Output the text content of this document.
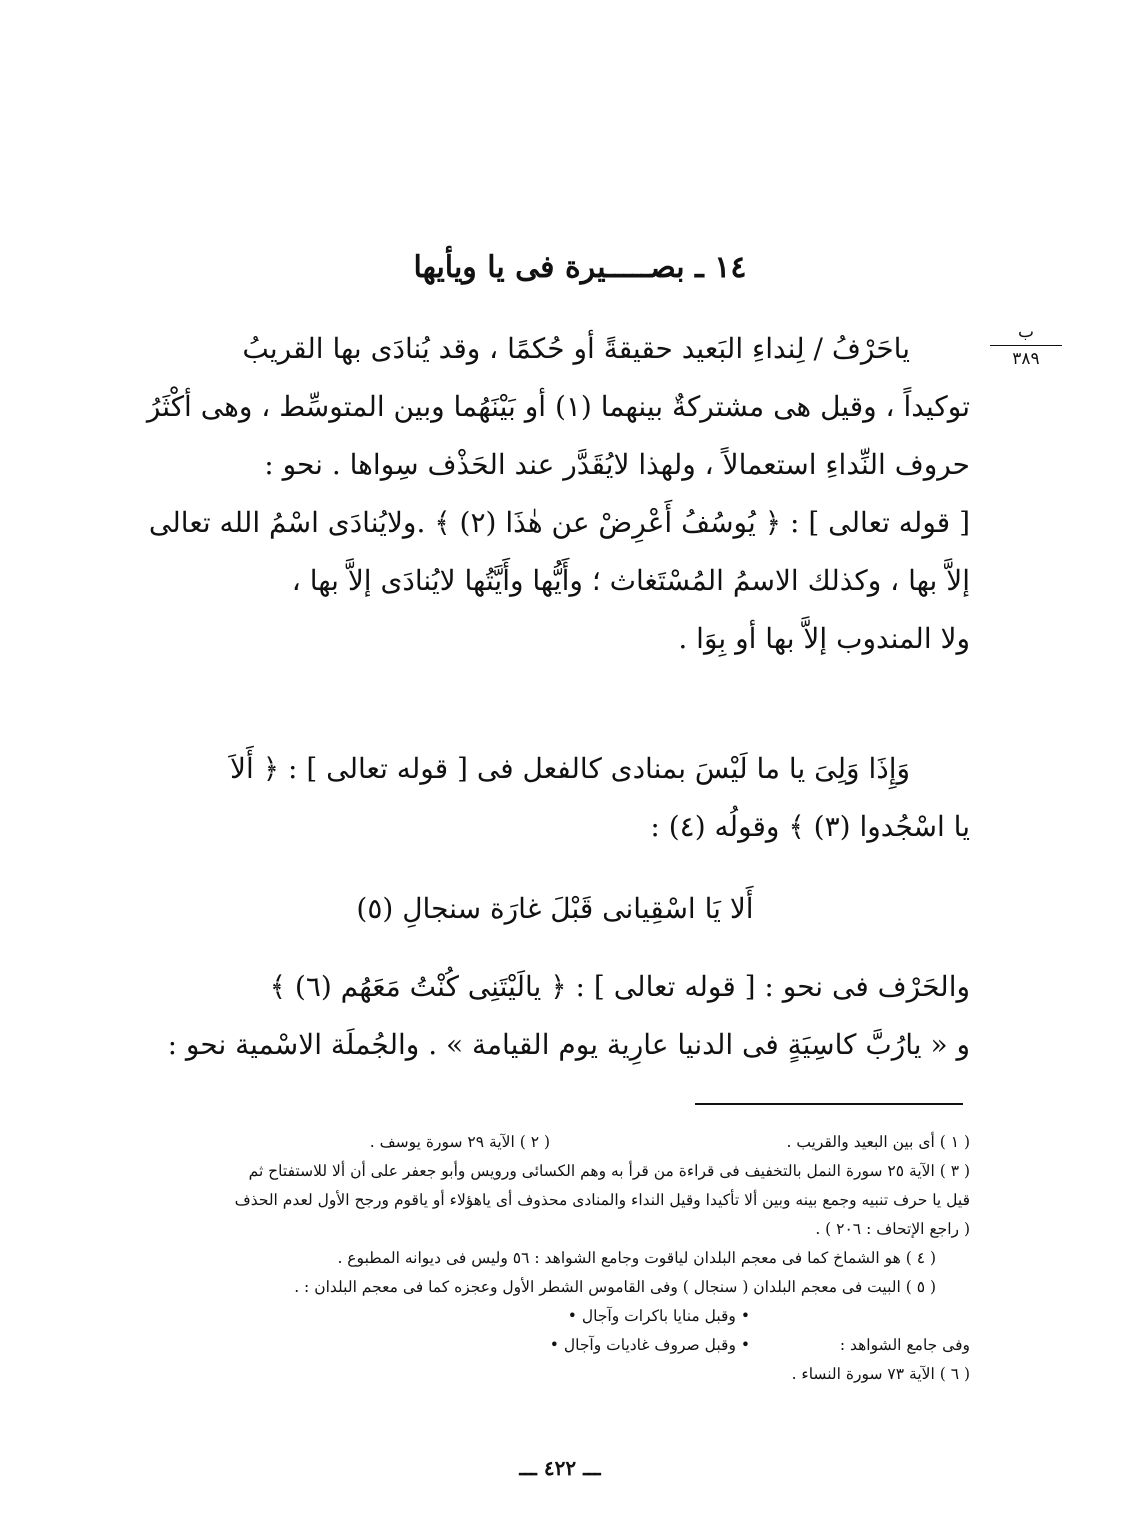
١٤ ـ بصـــــيرة فى يا ويأيها
ب
٣٨٩
ياحَرْفُ / لِنداءِ البَعيد حقيقةً أو حُكمًا ، وقد يُنادَى بها القريبُ
توكيداً ، وقيل هى مشتركةٌ بينهما (١) أو بَيْنَهُما وبين المتوسِّط ، وهى أكْثَرُ
حروف النِّداءِ استعمالاً ، ولهذا لايُقَدَّر عند الحَذْف سِواها . نحو :
[ قوله تعالى ] : ﴿ يُوسُفُ أَعْرِضْ عن هٰذَا (٢) ﴾ .ولايُنادَى اسْمُ الله تعالى
إلاَّ بها ، وكذلك الاسمُ المُسْتَغاث ؛ وأَيُّها وأَيَّتُها لايُنادَى إلاَّ بها ،
ولا المندوب إلاَّ بها أو بِوَا .
وَإِذَا وَلِىَ يا ما لَيْسَ بمنادى كالفعل فى [ قوله تعالى ] : ﴿ أَلاَ
يا اسْجُدوا (٣) ﴾ وقولُه (٤) :
أَلا يَا اسْقِيانى قَبْلَ غارَة سنجالِ (٥)
والحَرْف فى نحو : [ قوله تعالى ] : ﴿ يالَيْتَنِى كُنْتُ مَعَهُم (٦) ﴾
و « يارُبَّ كاسِيَةٍ فى الدنيا عارِية يوم القيامة » . والجُملَة الاسْمية نحو :
( ١ ) أى بين البعيد والقريب .
( ٢ ) الآية ٢٩ سورة يوسف .
( ٣ ) الآية ٢٥ سورة النمل بالتخفيف فى قراءة من قرأ به وهم الكسائى ورويس وأبو جعفر على أن ألا للاستفتاح ثم
قيل يا حرف تنبيه وجمع بينه وبين ألا تأكيدا وقيل النداء والمنادى محذوف أى ياهؤلاء أو ياقوم ورجح الأول لعدم الحذف
( راجع الإتحاف : ٢٠٦ ) .
( ٤ ) هو الشماخ كما فى معجم البلدان لياقوت وجامع الشواهد : ٥٦ وليس فى ديوانه المطبوع .
( ٥ ) البيت فى معجم البلدان ( سنجال ) وفى القاموس الشطر الأول وعجزه كما فى معجم البلدان : .
• وقبل منايا باكرات وآجال •
وفى جامع الشواهد :
• وقبل صروف غاديات وآجال •
( ٦ ) الآية ٧٣ سورة النساء .
ـــ ٤٢٢ ـــ
